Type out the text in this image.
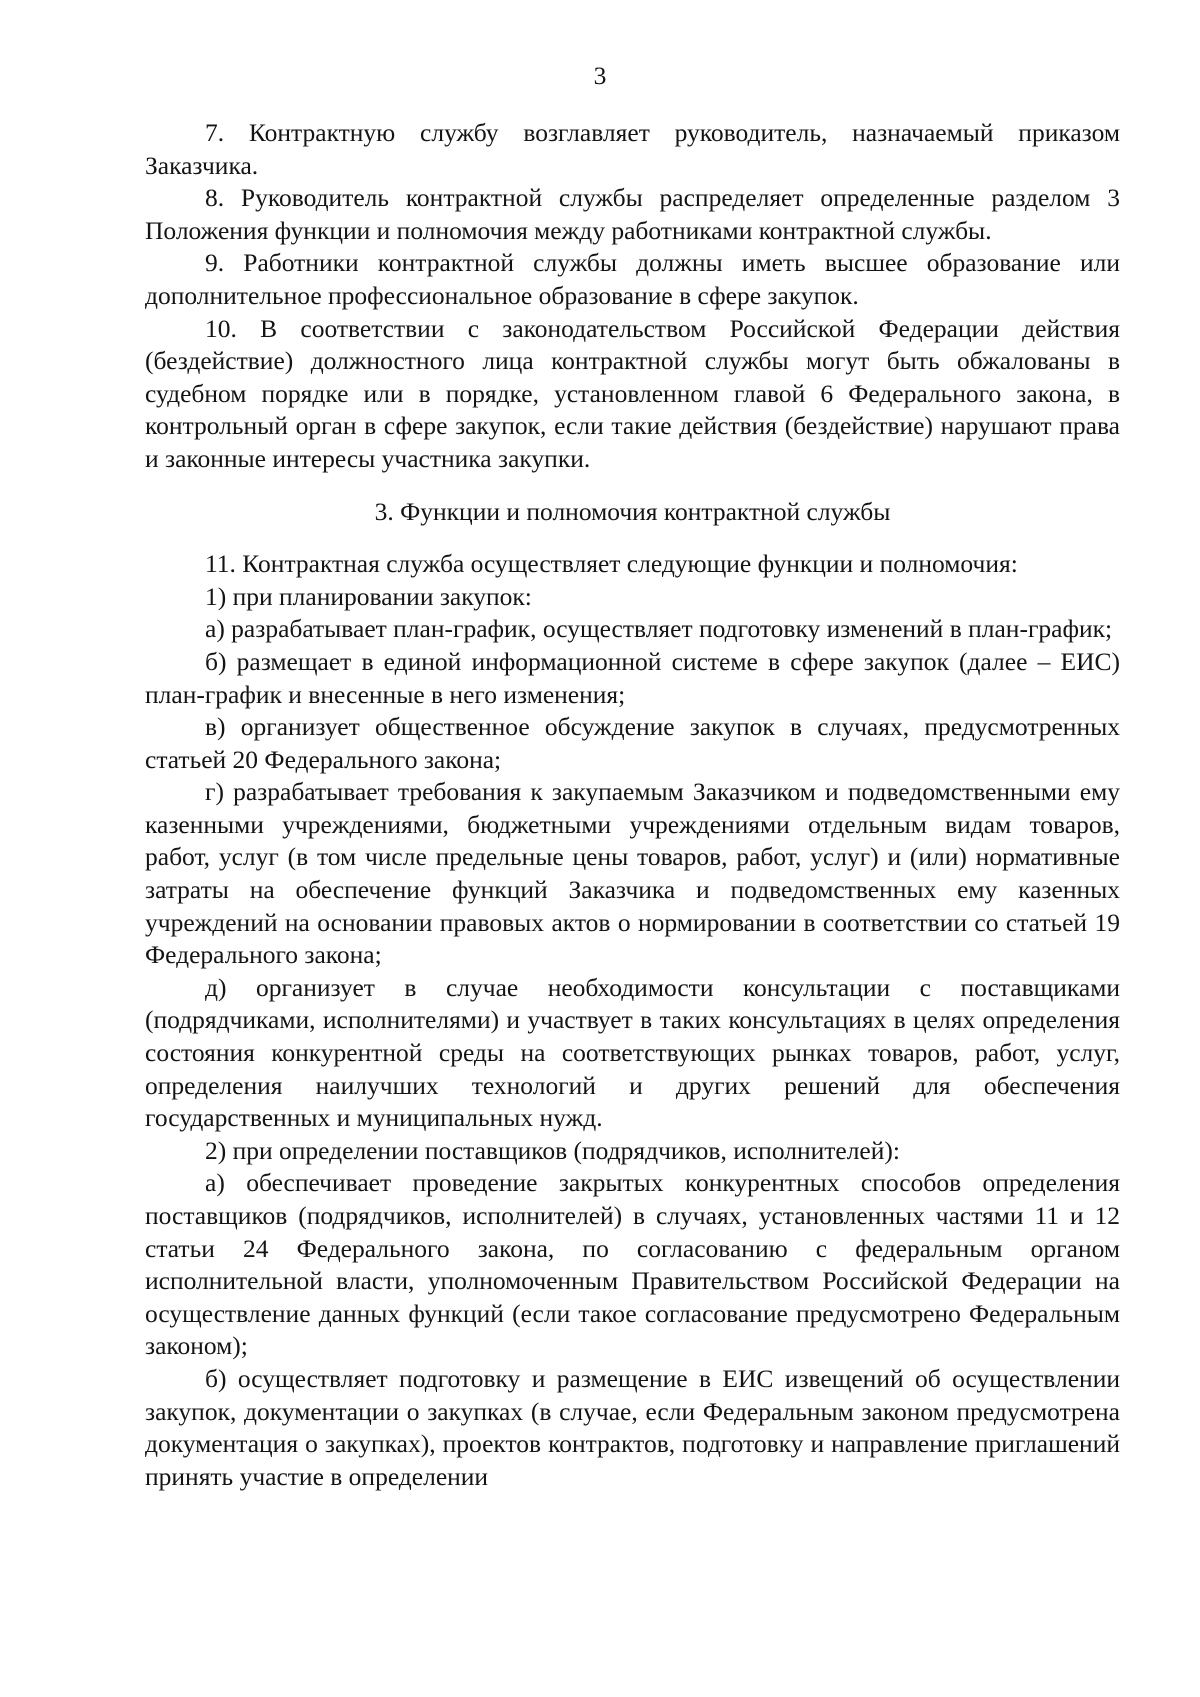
3

7. Контрактную службу возглавляет руководитель, назначаемый приказом Заказчика.

8. Руководитель контрактной службы распределяет определенные разделом 3 Положения функции и полномочия между работниками контрактной службы.

9. Работники контрактной службы должны иметь высшее образование или дополнительное профессиональное образование в сфере закупок.

10. В соответствии с законодательством Российской Федерации действия (бездействие) должностного лица контрактной службы могут быть обжалованы в судебном порядке или в порядке, установленном главой 6 Федерального закона, в контрольный орган в сфере закупок, если такие действия (бездействие) нарушают права и законные интересы участника закупки.

3. Функции и полномочия контрактной службы

11. Контрактная служба осуществляет следующие функции и полномочия:

1) при планировании закупок:

а) разрабатывает план-график, осуществляет подготовку изменений в план-график;

б) размещает в единой информационной системе в сфере закупок (далее – ЕИС) план-график и внесенные в него изменения;

в) организует общественное обсуждение закупок в случаях, предусмотренных статьей 20 Федерального закона;

г) разрабатывает требования к закупаемым Заказчиком и подведомственными ему казенными учреждениями, бюджетными учреждениями отдельным видам товаров, работ, услуг (в том числе предельные цены товаров, работ, услуг) и (или) нормативные затраты на обеспечение функций Заказчика и подведомственных ему казенных учреждений на основании правовых актов о нормировании в соответствии со статьей 19 Федерального закона;

д) организует в случае необходимости консультации с поставщиками (подрядчиками, исполнителями) и участвует в таких консультациях в целях определения состояния конкурентной среды на соответствующих рынках товаров, работ, услуг, определения наилучших технологий и других решений для обеспечения государственных и муниципальных нужд.

2) при определении поставщиков (подрядчиков, исполнителей):

а) обеспечивает проведение закрытых конкурентных способов определения поставщиков (подрядчиков, исполнителей) в случаях, установленных частями 11 и 12 статьи 24 Федерального закона, по согласованию с федеральным органом исполнительной власти, уполномоченным Правительством Российской Федерации на осуществление данных функций (если такое согласование предусмотрено Федеральным законом);

б) осуществляет подготовку и размещение в ЕИС извещений об осуществлении закупок, документации о закупках (в случае, если Федеральным законом предусмотрена документация о закупках), проектов контрактов, подготовку и направление приглашений принять участие в определении
